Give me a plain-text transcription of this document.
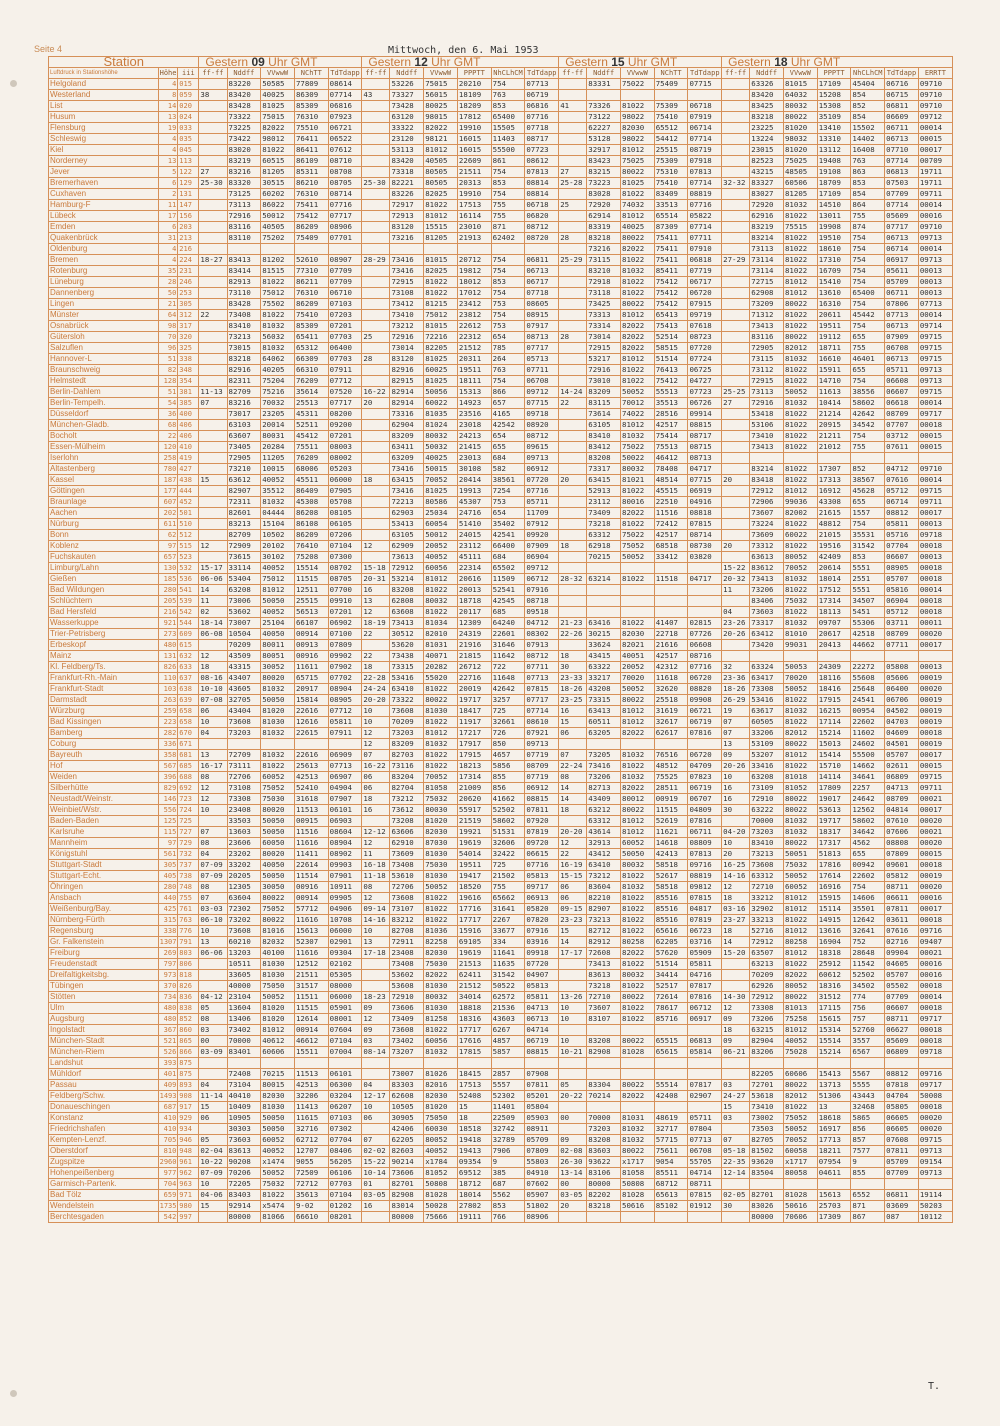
Seite 4	Mittwoch, den 6. Mai 1953
T.
Station			Gestern 09 Uhr GMT					Gestern 12 Uhr GMT						Gestern 15 Uhr GMT					Gestern 18 Uhr GMT						
Luftdruck in Stationshöhe	Höhe	iii	ff-ff	Nddff	VVwwW	NChTT	TdTdapp	ff-ff	Nddff	VVwwW	PPPTT	NhCLhCM	TdTdapp	ff-ff	Nddff	VVwwW	NChTT	TdTdapp	ff-ff	Nddff	VVwwW	PPPTT	NhCLhCM	TdTdapp	ERRTT
Helgoland	4	015		83220	50585	77809	08614		53226	75015	20210	754	07713		83331	75022	75409	07715		63326	81015	17109	45404	06716	09710
Westerland	8	059	38	83420	40025	86309	07714	43	73327	56015	18109	763	06719							83420	64032	15208	854	06715	09710
List	14	020		83428	81025	85309	06816		73428	80025	18209	853	06816	41	73326	81022	75309	06718		83425	80032	15308	852	06811	09710
Husum	13	024		73322	75015	76310	07923		63120	98015	17812	65400	07716		73122	98022	75410	07919		83218	80022	35109	854	06609	09712
Flensburg	19	033		73225	82022	75510	06721		33322	82022	19910	15505	07718		62227	82030	65512	06714		23225	81020	13410	15502	06711	00014
Schleswig	4	035		73422	98012	76411	06522		23120	98121	16015	11403	08717		53128	98022	54412	07714		13224	98032	13310	14402	06713	00015
Kiel	4	045		83020	81022	86411	07612		53113	81012	16015	55500	07723		32917	81012	25515	08719		23015	81020	13112	16408	07710	00017
Norderney	13	113		83219	60515	86109	08710		83420	40505	22609	861	08612		83423	75025	75309	07918		82523	75025	19408	763	07714	00709
Jever	5	122	27	83216	81205	85311	08708		73318	80505	21511	754	07813	27	83215	80022	75310	07813		43215	48505	19108	863	06813	19711
Bremerhaven	6	129	25-30	83320	30515	86210	08705	25-30	82221	80505	20313	853	08814	25-28	73223	81025	75410	07714	32-32	83327	60506	18709	853	07503	19711
Cuxhaven	2	131		73125	60202	76310	08714		83226	82025	19910	754	08814		83028	81022	83409	08819		83027	81205	17109	854	07709	09711
Hamburg-F	11	147		73113	86022	75411	07716		72917	81022	17513	755	06718	25	72920	74032	33513	07716		72920	81032	14510	864	07714	00014
Lübeck	17	156		72916	50012	75412	07717		72913	81012	16114	755	06820		62914	81012	65514	05822		62916	81022	13011	755	05609	00016
Emden	6	203		83116	40505	86209	08906		83120	15515	23010	871	08712		83319	40025	87309	07714		83219	75515	19908	874	07717	09710
Quakenbrück	31	213		83110	75202	75409	07701		73216	81205	21913	62402	08720	28	83218	80022	75411	07711		83214	81022	19510	754	06713	09713
Oldenburg	4	216													73216	82022	75411	07910		73113	81022	18610	754	06714	00014
Bremen	4	224	18-27	83413	81202	52610	08907	28-29	73416	81015	20712	754	06811	25-29	73115	81022	75411	06818	27-29	73114	81022	17310	754	06917	09713
Rotenburg	35	231		83414	81515	77310	07709		73416	82025	19812	754	06713		83210	81032	85411	07719		73114	81022	16709	754	05611	00013
Lüneburg	28	246		82913	81022	86211	07709		72915	81022	18012	853	06717		72918	81022	75412	06717		72715	81012	15410	754	05709	00013
Dannenberg	50	253		73110	75012	76310	06710		73108	81022	17012	754	07718		73118	81022	75412	06720		62908	81012	13610	65400	06711	00013
Lingen	21	305		83428	75502	86209	07103		73412	81215	23412	753	08605		73425	80022	75412	07915		73209	80022	16310	754	07806	07713
Münster	64	312	22	73408	81022	75410	07203		73410	75012	23812	754	08915		73313	81012	65413	09719		71312	81022	20611	45442	07713	00014
Osnabrück	98	317		83410	81032	85309	07201		73212	81015	22612	753	07917		73314	82022	75413	07618		73413	81022	19511	754	06713	09714
Gütersloh	70	320		73213	56032	65411	07703	25	72916	72216	22312	654	08713	28	73014	82022	52514	08723		83116	80022	19112	655	07909	09715
Salzuflen	96	325		73015	81032	65312	06400		73014	82205	21512	785	07717		72915	82022	58515	07720		72905	82012	18711	755	06708	09715
Hannover-L	51	338		83218	64062	66309	07703	28	83120	81025	20311	264	05713		53217	81012	51514	07724		73115	81032	16610	46401	06713	09715
Braunschweig	82	348		82916	40205	66310	07911		82916	60025	19511	763	07711		72916	81022	76413	06725		73112	81022	15911	655	05711	09713
Helmstedt	128	354		82311	75204	76209	07712		82915	81025	18111	754	06708		73010	81022	75412	04727		72915	81022	14710	754	06608	09713
Berlin-Dahlem	51	381	11-13	82709	75216	35614	07520	16-22	82914	50056	15313	866	09712	14-24	83209	50052	55513	07723	25-25	73113	50052	11613	38556	06607	09715
Berlin-Tempelh.	54	385	07	83216	70032	25513	07717	20	82914	60022	14923	657	07715	22	83115	70012	35513	06726	27	72916	81032	10414	58602	06618	00014
Düsseldorf	36	400		73017	23205	45311	08200		73316	81035	23516	4165	09718		73614	74022	28516	09914		53418	81022	21214	42642	08709	09717
München-Gladb.	68	406		63103	20014	52511	09200		62904	81024	23018	42542	08920		63105	81012	42517	08815		53106	81022	20915	34542	07707	00018
Bocholt	22	406		63607	80031	45412	07201		83209	80032	24213	654	08712		83410	81032	75414	08717		73410	81022	21211	754	03712	00015
Essen-Mülheim	120	410		73405	20284	75511	08003		63411	50032	21415	655	09615		83412	75022	75513	08715		73413	81022	21012	755	07611	00015
Iserlohn	258	419		72905	11205	76209	08002		63209	40025	23013	684	09713		83208	50022	46412	08713							
Altastenberg	780	427		73210	10015	68006	05203		73416	50015	30108	582	06912		73317	80032	78408	04717		83214	81022	17307	852	04712	09710
Kassel	187	438	15	63612	40052	45511	06000	18	63415	70052	20414	38561	07720	20	63415	81021	48514	07715	20	83418	81022	17313	38567	07616	00014
Göttingen	177	444		82907	35512	86409	07905		73416	81025	19913	7254	07716		52913	81022	45515	06919		72912	81012	16912	45628	05712	09715
Braunlage	607	452		72311	81032	45308	05708		72213	80586	45307	753	05711		23112	80016	22510	04916		72906	99036	43308	655	06714	09711
Aachen	202	501		82601	04444	86208	08105		62903	25034	24716	654	11709		73409	82022	11516	08818		73607	82002	21615	1557	08812	00017
Nürburg	611	510		83213	15104	86108	06105		53413	60054	51410	35402	07912		73218	81022	72412	07815		73224	81022	48812	754	05811	00013
Bonn	62	512		82709	10502	86209	07206		63105	50012	24015	42541	09920		63312	75022	42517	08714		73609	60022	21015	35531	05716	09718
Koblenz	97	515	12	72909	20102	76410	07104	12	62909	20052	23112	66400	07909	18	62918	75052	68518	08730	20	73312	81022	19516	31542	07704	00018
Fuchskauten	657	523		73615	30102	75208	07300		73613	40052	45111	684	06904		70215	50052	33412	03820		63613	80052	42409	853	06607	00013
Limburg/Lahn	130	532	15-17	33114	40052	15514	08702	15-18	72912	60056	22314	65502	09712						15-22	83612	70052	20614	5551	08905	00018
Gießen	185	536	06-06	53404	75012	11515	08705	20-31	53214	81012	20616	11509	06712	28-32	63214	81022	11518	04717	20-32	73413	81032	18014	2551	05707	00018
Bad Wildungen	280	541	14	63208	81012	12511	07700	16	83208	81022	20013	52541	07916						11	73206	81022	17512	5551	05816	00014
Schlüchtern	205	539	11	73006	50050	25515	09910	13	62808	80032	18718	42545	08718							83406	75032	17314	34507	06904	00018
Bad Hersfeld	216	542	02	53602	40052	56513	07201	12	63608	81022	20117	685	09518						04	73603	81022	18113	5451	05712	00018
Wasserkuppe	921	544	18-14	73007	25104	66107	06902	18-19	73413	81034	12309	64240	04712	21-23	63416	81022	41407	02815	23-26	73317	81032	09707	55306	03711	00011
Trier-Petrisberg	273	609	06-08	10504	40050	00914	07100	22	30512	82010	24319	22601	08302	22-26	30215	82030	22718	07726	20-26	63412	81010	20617	42518	08709	00020
Erbeskopf	480	615		70209	80011	00913	07809		53620	81031	21916	31646	07913		33624	82021	21616	06608		73420	99031	20413	44662	07711	00017
Mainz	131	632	12	43509	80051	00916	09902	22	73438	40071	21815	11642	08712	18	43415	40051	42517	08716							
Kl. Feldberg/Ts.	826	633	18	43315	30052	11611	07902	18	73315	20282	26712	722	07711	30	63322	20052	42312	07716	32	63324	50053	24309	22272	05808	00013
Frankfurt-Rh.-Main	110	637	08-16	43407	80020	65715	07702	22-28	53416	55020	22716	11648	07713	23-33	33217	70020	11618	06720	23-36	63417	70020	18116	55608	05606	00019
Frankfurt-Stadt	103	638	10-10	43605	81032	20917	08904	24-24	63410	81022	20019	42642	07815	18-26	43208	50052	32620	08820	18-26	73308	50052	18416	25648	06400	00020
Darmstadt	263	639	07-08	32705	50050	15814	08905	20-20	73322	80022	19717	3257	07717	23-25	73315	80022	25518	09908	26-29	53416	81022	17915	24541	06706	00019
Würzburg	259	658	06	43404	81020	22616	07712	10	73608	81030	18417	725	07714	16	63413	81012	31619	06721	19	63617	81032	16215	00954	04502	00019
Bad Kissingen	223	658	10	73608	81030	12616	05811	10	70209	81022	11917	32661	08610	15	60511	81012	32617	06719	07	60505	81022	17114	22602	04703	00019
Bamberg	282	670	04	73203	81032	22615	07911	12	73203	81012	17217	726	07921	06	63205	82022	62617	07816	07	33206	82012	15214	11602	04609	00018
Coburg	336	671						12	83209	81032	17917	850	09713						13	53109	80022	15013	24602	04501	00019
Bayreuth	358	681	13	72709	81032	22616	06909	07	82703	81022	17915	4657	07719	07	73205	81032	76516	06720	09	53207	81012	15414	55500	05707	00017
Hof	567	685	16-17	73111	81022	25613	07713	16-22	73116	81022	18213	5856	08709	22-24	73416	81022	48512	04709	20-26	33416	81022	15710	14662	02611	00015
Weiden	396	688	08	72706	60052	42513	06907	06	83204	70052	17314	855	07719	08	73206	81032	75525	07823	10	63208	81018	14114	34641	06809	09715
Silberhütte	829	692	12	73108	75052	52410	04904	06	82704	81058	21009	856	06912	14	82713	82022	28511	06719	16	73109	81052	17809	2257	04713	09711
Neustadt/Weinstr.	146	723	12	73308	75030	31618	07907	18	73212	75032	20620	41662	08815	14	43409	80012	00919	06707	16	72910	80022	19017	24642	08709	00021
Weinbiet/Wstr.	556	724	10	23408	80020	11513	06101	16	73612	80030	55917	52502	07811	18	63212	80022	11515	04809	30	63222	80022	53613	12562	04814	00017
Baden-Baden	125	725		33503	50050	00915	06903		73208	81020	21519	58602	07920		63312	81012	52619	07816		70000	81032	19717	58602	07610	00020
Karlsruhe	115	727	07	13603	50050	11516	08604	12-12	63606	82030	19921	51531	07819	20-20	43614	81012	11621	06711	04-20	73203	81032	18317	34642	07606	00021
Mannheim	97	729	08	23606	60050	11616	08904	12	62910	87030	19619	32606	09720	12	32913	60052	14618	08809	10	83410	80022	17317	4562	08808	00020
Königstuhl	561	732	04	23202	80020	11411	08902	11	73609	81030	54014	32422	06615	22	43412	50050	42413	07813	20	73213	50051	51813	655	07809	00015
Stuttgart-Stadt	305	737	07-09	33202	40050	22614	09903	16-18	73408	75030	19511	725	07716	16-19	63410	80032	58518	09716	16-25	73608	75032	17816	00942	09601	00018
Stuttgart-Echt.	405	738	07-09	20205	50050	11514	07901	11-18	53610	81030	19417	21502	05813	15-15	73212	81022	52617	08819	14-16	63312	50052	17614	22602	05812	00019
Öhringen	280	748	08	12305	30050	00916	10911	08	72706	50052	18520	755	09717	06	83604	81032	58518	09812	12	72710	60052	16916	754	08711	00020
Ansbach	440	755	07	63604	80022	00914	09905	12	73608	81022	19616	65662	06913	06	82210	81022	85516	07815	18	33212	81012	15915	14606	06611	00016
Weißenburg/Bay.	425	761	03-03	72302	75052	57712	04906	09-14	73107	81022	17716	31641	05820	09-15	82907	81022	85516	04817	03-16	32902	81012	15114	35501	07811	00017
Nürnberg-Fürth	315	763	06-10	73202	80022	11616	10708	14-16	83212	81022	17717	2267	07820	23-23	73213	81022	85516	07819	23-27	33213	81022	14915	12642	03611	00018
Regensburg	338	776	10	73608	81016	15613	06000	10	82708	81036	15916	33677	07916	15	82712	81022	65616	06723	18	52716	81012	13616	32641	07616	09716
Gr. Falkenstein	1307	791	13	60210	82032	52307	02901	13	72911	82258	69105	334	03916	14	82912	80258	62205	03716	14	72912	80258	16904	752	02716	09407
Freiburg	269	803	06-06	13203	40100	11616	09304	17-18	23408	82030	19619	11641	09918	17-17	72608	82022	57620	05909	15-20	63507	81012	18318	28648	09904	00021
Freudenstadt	797	806		10511	81030	12512	02102		73408	75030	21513	11635	07720		73413	81022	51514	05811		63213	81022	25912	11542	04605	00016
Dreifaltigkeitsbg.	973	818		33605	81030	21511	05305		53602	82022	62411	31542	04907		83613	80032	34414	04716		70209	82022	60612	52502	05707	00016
Tübingen	370	826		40000	75050	31517	08000		53608	81030	21512	50522	05813		73218	81022	52517	07817		62926	80052	18316	34502	05502	00018
Stötten	734	836	04-12	23104	50052	11511	06000	18-23	72910	80032	34014	62572	05811	13-26	72710	80022	72614	07816	14-30	72912	80022	31512	774	07709	00014
Ulm	480	838	05	13604	81020	11515	05901	09	73606	81030	18818	21536	04713	10	73607	81022	78617	06712	12	73308	81013	17115	756	06607	00018
Augsburg	480	852	08	13406	81020	12614	08001	12	73409	81258	18316	43603	06713	10	83107	81022	85716	06917	09	73206	75258	15615	757	08711	09717
Ingolstadt	367	860	03	73402	81012	00914	07604	09	73608	81022	17717	6267	04714						18	63215	81012	15314	52760	06627	00018
München-Stadt	521	865	00	70000	40612	46612	07104	03	73402	60056	17616	4857	06719	10	83208	80022	65515	06813	09	82904	40052	15514	3557	05609	00018
München-Riem	526	866	03-09	83401	60606	15511	07004	08-14	73207	81032	17815	5857	08815	10-21	82908	81028	65615	05814	06-21	83206	75028	15214	6567	06809	09718
Landshut	393	875																							
Mühldorf	401	875		72408	70215	11513	06101		73007	81026	18415	2857	07908							82205	60606	15413	5567	08812	09716
Passau	409	893	04	73104	80015	42513	06300	04	83303	82016	17513	5557	07811	05	83304	80022	55514	07817	03	72701	80022	13713	5555	07818	09717
Feldberg/Schw.	1493	908	11-14	40410	82030	32206	03204	12-17	62608	82030	52408	52302	05201	20-22	70214	82022	42408	02907	24-27	53618	82012	51306	43443	04704	50008
Donaueschingen	687	917	15	10409	81030	11413	06207	10	10505	81020	15	11401	05804						15	73410	81022	13	32468	05805	00018
Konstanz	410	929	06	10905	50050	11615	07103	06	30905	75050	18	22509	05903	00	70000	81031	48619	05711	03	73002	75052	18618	5865	06605	00020
Friedrichshafen	410	934		30303	50050	32716	07302		42406	60030	18518	32742	08911		73203	81032	32717	07804		73503	50052	16917	856	06605	00020
Kempten-Lenzf.	705	946	05	73603	60052	62712	07704	07	62205	80052	19418	32789	05709	09	83208	81032	57715	07713	07	82705	70052	17713	857	07608	09715
Oberstdorf	810	948	02-04	83613	40052	12707	08406	02-02	82603	40052	19413	7906	07809	02-08	83603	80022	75611	06708	05-18	81502	60058	18211	7577	07811	09713
Zugspitze	2960	961	10-22	90208	x1474	9055	56205	15-22	90214	x1784	09354	9	55803	26-30	93622	x1717	9054	55705	22-35	93620	x1717	07954	9	05709	09154
Hohenpeißenberg	977	962	07-09	70206	50052	72509	06106	10-14	73606	81052	69512	385	04910	13-14	83106	81058	85511	04714	12-14	83504	80058	04611	855	07709	09713
Garmisch-Partenk.	704	963	10	72205	75032	72712	07703	01	82701	50808	18712	687	07602	00	80000	50808	68712	08711							
Bad Tölz	659	971	04-06	83403	81022	35613	07104	03-05	82908	81028	18014	5562	05907	03-05	82202	81028	65613	07815	02-05	82701	81028	15613	6552	06811	19114
Wendelstein	1735	980	15	92914	x5474	9-02	01202	16	83014	50028	27802	853	51802	20	83218	50616	85102	01912	30	83026	50616	25703	871	03609	50203
Berchtesgaden	542	997		80000	81066	66610	08201		80000	75666	19111	766	08906							80000	70606	17309	867	087	10112
